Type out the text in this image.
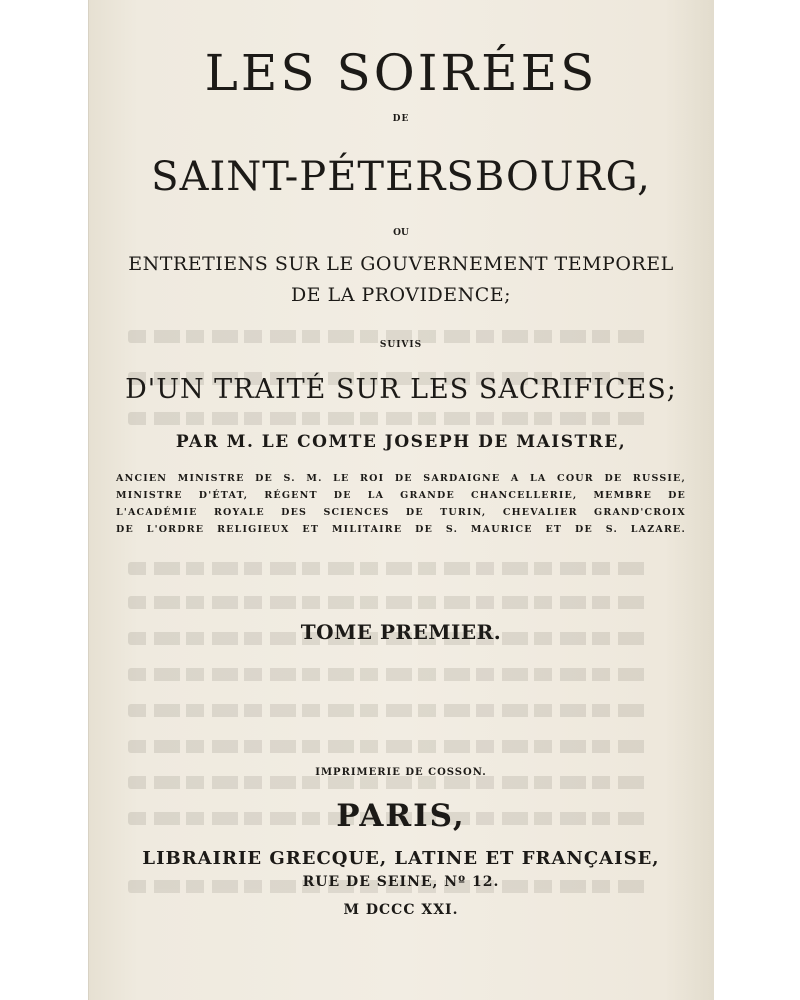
LES SOIRÉES
DE
SAINT-PÉTERSBOURG,
OU
ENTRETIENS SUR LE GOUVERNEMENT TEMPOREL
DE LA PROVIDENCE;
SUIVIS
D'UN TRAITÉ SUR LES SACRIFICES;
PAR M. LE COMTE JOSEPH DE MAISTRE,
ANCIEN MINISTRE DE S. M. LE ROI DE SARDAIGNE A LA COUR DE RUSSIE,
MINISTRE D'ÉTAT, RÉGENT DE LA GRANDE CHANCELLERIE, MEMBRE DE
L'ACADÉMIE ROYALE DES SCIENCES DE TURIN, CHEVALIER GRAND'CROIX
DE L'ORDRE RELIGIEUX ET MILITAIRE DE S. MAURICE ET DE S. LAZARE.
TOME PREMIER.
IMPRIMERIE DE COSSON.
PARIS,
LIBRAIRIE GRECQUE, LATINE ET FRANÇAISE,
RUE DE SEINE, Nº 12.
M DCCC XXI.
